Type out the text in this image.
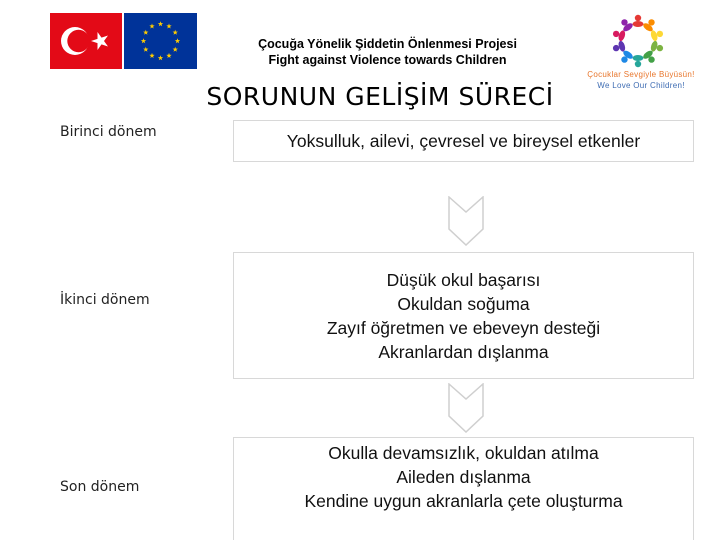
Çocuğa Yönelik Şiddetin Önlenmesi Projesi
Fight against Violence towards Children
Çocuklar Sevgiyle Büyüsün!
We Love Our Children!
SORUNUN GELİŞİM SÜRECİ
Birinci dönem
İkinci dönem
Son dönem
Yoksulluk, ailevi, çevresel ve bireysel etkenler
Düşük okul başarısı
Okuldan soğuma
Zayıf öğretmen ve ebeveyn desteği
Akranlardan dışlanma
Okulla devamsızlık, okuldan atılma
Aileden dışlanma
Kendine uygun akranlarla çete oluşturma
